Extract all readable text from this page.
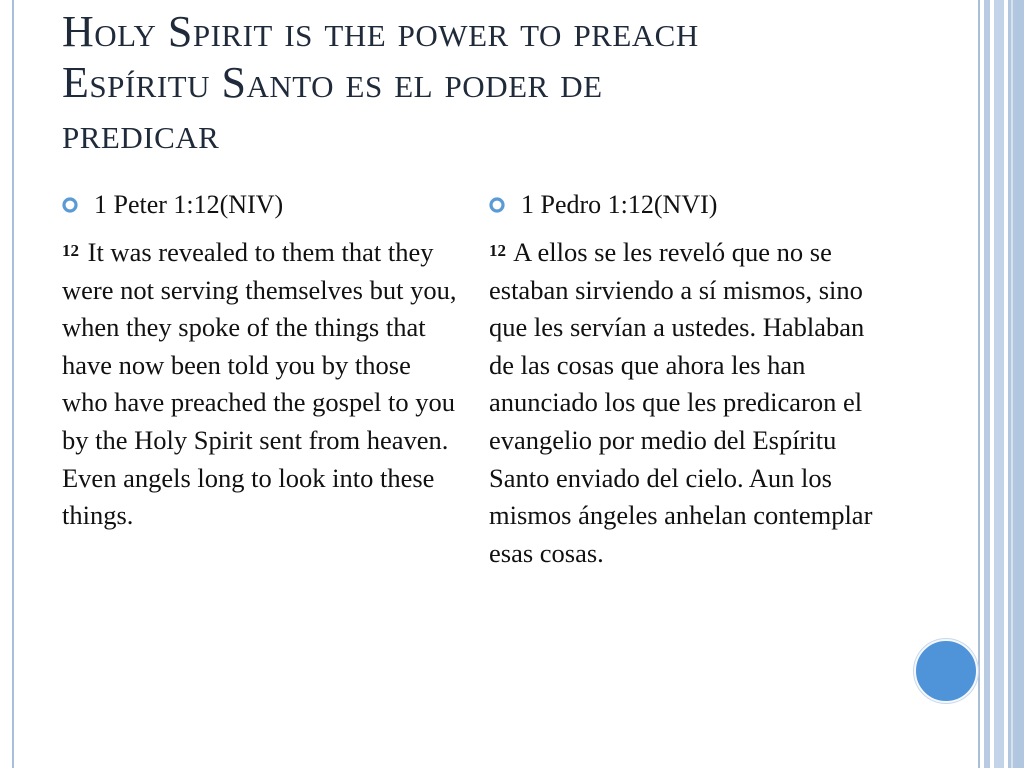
Holy Spirit is the power to preach
Espíritu Santo es el poder de
predicar

1 Peter 1:12(NIV)

$^{12}$ It was revealed to them that they were not serving themselves but you, when they spoke of the things that have now been told you by those who have preached the gospel to you by the Holy Spirit sent from heaven. Even angels long to look into these things.

1 Pedro 1:12(NVI)

$^{12}$ A ellos se les reveló que no se estaban sirviendo a sí mismos, sino que les servían a ustedes. Hablaban de las cosas que ahora les han anunciado los que les predicaron el evangelio por medio del Espíritu Santo enviado del cielo. Aun los mismos ángeles anhelan contemplar esas cosas.
